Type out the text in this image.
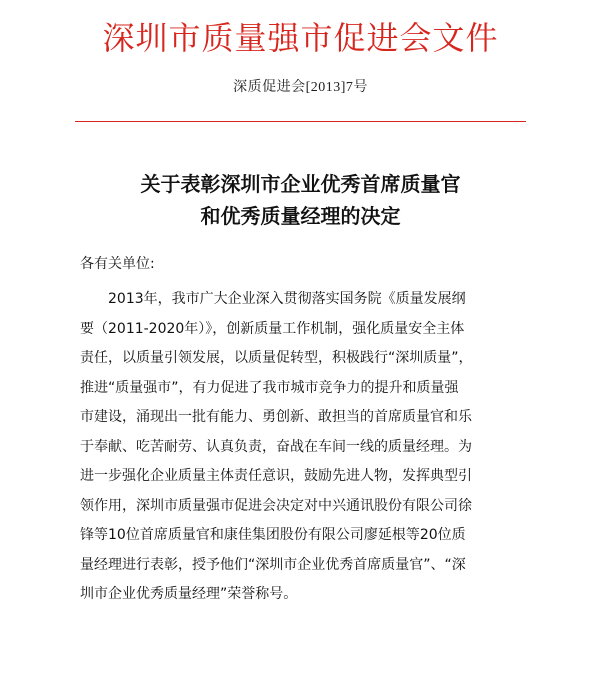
深圳市质量强市促进会文件
深质促进会[2013]7号
关于表彰深圳市企业优秀首席质量官
和优秀质量经理的决定
各有关单位:
　　2013年，我市广大企业深入贯彻落实国务院《质量发展纲
要（2011-2020年）》，创新质量工作机制，强化质量安全主体
责任，以质量引领发展，以质量促转型，积极践行“深圳质量”，
推进“质量强市”，有力促进了我市城市竞争力的提升和质量强
市建设，涌现出一批有能力、勇创新、敢担当的首席质量官和乐
于奉献、吃苦耐劳、认真负责，奋战在车间一线的质量经理。为
进一步强化企业质量主体责任意识，鼓励先进人物，发挥典型引
领作用，深圳市质量强市促进会决定对中兴通讯股份有限公司徐
锋等10位首席质量官和康佳集团股份有限公司廖延根等20位质
量经理进行表彰，授予他们“深圳市企业优秀首席质量官”、“深
圳市企业优秀质量经理”荣誉称号。
